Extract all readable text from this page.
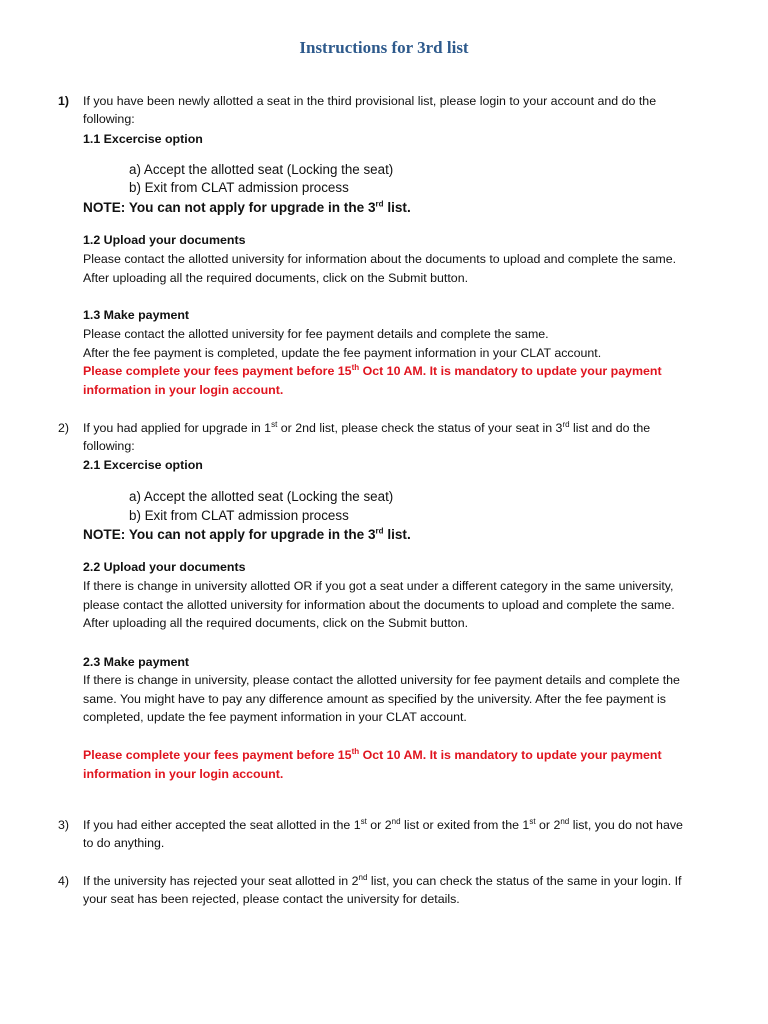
Instructions for 3rd list
1) If you have been newly allotted a seat in the third provisional list, please login to your account and do the
following:
1.1 Excercise option
a) Accept the allotted seat (Locking the seat)
b) Exit from CLAT admission process
NOTE: You can not apply for upgrade in the 3rd list.
1.2 Upload your documents
Please contact the allotted university for information about the documents to upload and complete the same.
After uploading all the required documents, click on the Submit button.
1.3 Make payment
Please contact the allotted university for fee payment details and complete the same.
After the fee payment is completed, update the fee payment information in your CLAT account.
Please complete your fees payment before 15th Oct 10 AM. It is mandatory to update your payment
information in your login account.
2) If you had applied for upgrade in 1st or 2nd list, please check the status of your seat in 3rd list and do the
following:
2.1 Excercise option
a) Accept the allotted seat (Locking the seat)
b) Exit from CLAT admission process
NOTE: You can not apply for upgrade in the 3rd list.
2.2 Upload your documents
If there is change in university allotted OR if you got a seat under a different category in the same university,
please contact the allotted university for information about the documents to upload and complete the same.
After uploading all the required documents, click on the Submit button.
2.3 Make payment
If there is change in university, please contact the allotted university for fee payment details and complete the
same. You might have to pay any difference amount as specified by the university. After the fee payment is
completed, update the fee payment information in your CLAT account.
Please complete your fees payment before 15th Oct 10 AM. It is mandatory to update your payment
information in your login account.
3) If you had either accepted the seat allotted in the 1st or 2nd list or exited from the 1st or 2nd list, you do not have
to do anything.
4) If the university has rejected your seat allotted in 2nd list, you can check the status of the same in your login. If
your seat has been rejected, please contact the university for details.
